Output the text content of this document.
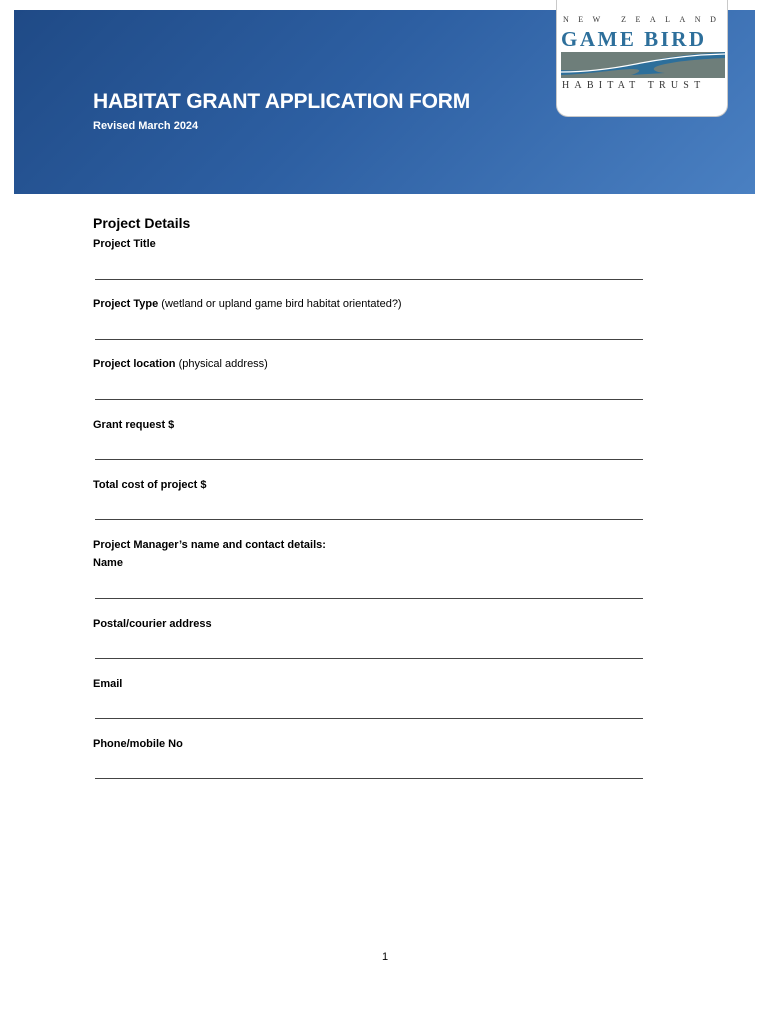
HABITAT GRANT APPLICATION FORM
Revised March 2024
NEW ZEALAND
GAME BIRD
HABITAT TRUST
Project Details
Project Title
Project Type (wetland or upland game bird habitat orientated?)
Project location (physical address)
Grant request $
Total cost of project $
Project Manager’s name and contact details:
Name
Postal/courier address
Email
Phone/mobile No
1
